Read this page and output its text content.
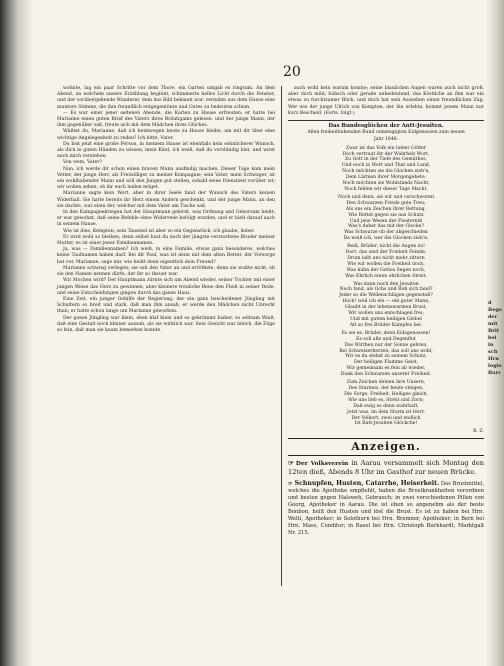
20

wohnte, lag ein paar Schritte vor dem Thore, ein Garten umgab es ringsum. An dem Abend, an welchem unsere Erzählung beginnt, schimmerte helles Licht durch die Fenster, und der vorübergehende Wanderer, dem das Bild bekannt war, vernahm aus dem Hause eine muntere Stimme, die ihm freundlich entgegentönte und Gutes zu bedeuten schien.

— Es war einer jener seltenen Abende, die Karlen zu Hause erfreuten; er hatte bei Marianne einen guten Brief des Vaters ihres Bräutigams gelesen, und der junge Mann, der ihm gegenüber saß, freute sich mit dem Mädchen ihres Glückes.

Wüßtet du, Marianne, daß ich heimwegen heute zu Hause bleibe, um mit dir über eine wichtige Angelegenheit zu reden? Ich bitte, Vater.

Du bist jetzt eine große Person, in meinem Hause ist ebenfalls kein sehnlicherer Wunsch, als dich in guten Händen zu wissen, mein Kind, ich weiß, daß du verständig bist, und wirst auch mich verstehen.

Von wem, Vater?

Nun, ich werde dir schon einen braven Mann ausfindig machen. Dieser Tage kam mein Vetter, der junge Herr, als Freiwilliger zu meiner Kompagnie; sein Vater, mein Schwager, ist ein wohlhabender Mann und will den Jungen gut stellen, sobald seine Dienstzeit vorüber ist; wir wollen sehen, ob ihr euch leiden möget.

Marianne sagte kein Wort, aber in ihrer Seele fand der Wunsch des Vaters keinen Widerhall. Sie hatte bereits ihr Herz einem Andern geschenkt, und der junge Mann, an den sie dachte, war eben der, welcher mit dem Vater am Tische saß.

In den Kampagnekriegen hat der Hauptmann gelernt, was Ordnung und Gehorsam heißt; er war gewohnt, daß seine Befehle ohne Widerrede befolgt wurden, und er hielt darauf auch in seinem Hause.

Wie ist dies, Kempten; sein Tausend ist aber so ein Gegenstück, ich glaube, lieber.

Er wird wohl so bleiben, denn selbst hast du noch der jüngste verstorbene Bruder meiner Mutter, es ist einer jener Familiennamen.

Ja, was — Familiennamen? Ich weiß, in eine Familie, etwas ganz besonderes, welches keine Taufnamen haben darf. Bei dir Paul, was ist denn mit dem alten Better, der Vorsorge bat vor, Marianne, sage mir, wie heißt denn eigentlich dein Freund?

Marianne schwieg verlegen; sie sah den Vater an und erröthete, denn sie wußte nicht, ob sie den Namen nennen dürfe, der ihr so theuer war.

Wir Mochen wird? Der Hauptmann zürnte sich um Abend wieder, seiner Tochter mit einer jungen Weise das Herz zu gewinnen, aber kleinere treuliche Reue den Fleiß in seiner Rede, und seine Entscheidungen gingen durch das ganze Haus.

Eine Zeit, ein junger Gehilfe der Regierung, der ein ganz bescheidener Jüngling mit Schultern so breit und stark, daß man ihm ansah, er werde den Mädchen nicht Unrecht thun; er hatte schon lange um Marianne geworben.

Der ganze Jüngling war klein, eben klaf klein und so gekrümmt bisher, so seltsam Weiß, daß eine Gestalt noch kleiner aussah, als sie wirklich war. Sein Gesicht war bleich, die Züge so fein, daß man sie kaum bemerken konnte.

auch wohl kein warum konnte; seine blaulichen Augen waren auch nicht groß, aber doch mild; hübsch oder gerade unbedeutend, das Köstliche an ihm war ein etwas zu furchtsamer Blick, und doch hat sein Aussehen einen freundlichen Zug. Wer wie der junge Ulrich von Kempten, der ihn erlebte, kommt jenem Mann nur kurz Bescheid. (Forts. folgt.)

Das Bundesglöcken der Antt-Jesuiten.
Allen freiheitliebenden Bund unmengigten Eidgenossen zum neuen
Jahr 1846.
Zwar ist das Volk ein lieber Götter
Doch vertraut ihr der Wahrheit Wort,
Zu Gott in der Tiefe des Gemüthes,
Und noch in Wort und That und Land,
Noch möchten sie die Glocken zieh'n,
Dem Lärmen ihrer Morgengebete,
Noch möchten sie Wohlstands Nacht,
Noch fehlen wir dieser Tage Macht.
Noch und denn, sie wir und verschworen
Den Schwarzen Friede gute Treu;
Als uns ein Zeichen ihrer Rettung,
Wie Rettet gegen sie aus Schutz
Und jene Wesen der Finsterniß
Was's daher das mit der Glocke?
Was Schwarze ob der abgeschieden
Da weiß ich, wer die Glocken zieh'n.
Reiß, Brüder, nicht die Augen zu!
Dort, das sind der Freiheit Feinde,
Drum laßt uns nicht mehr zittern
Wie wir wollen die Freiheit doch,
Was kühn der Gottes Segen noch,
Was Ehrlich einen ehrlichen Streit.
Was kann noch den Jesuiten
Noch fand, als Ochs und Roß sich fand?
Jeder so die Wellenschlägen gegenstoß?
Hoch! weil ich ein — ein guter Mann,
Glaubt in der lebenswarmen Brust,
Wir wollen uns entschlagen frei;
Und mit gutem heiligen Giebel
Alt so frei Brüder Kampfes bei.
Es sei es, Brüder, denn Eidsgenossen!
Es soll alle und Degenflut
Das Wirthen nur der Sonne gehren,
Bei Schweizerherzen, das soll uns wohl,
Wir es du stehst zu seinem Schutz,
Der heiligen Flamme Geist,
Wir gemeinsam es fein ab wieder,
Dank den Schwarzen unserer Freiheit.
Zum Zeichen deinen ihre Unsern,
Des Sturmes, der heute steigen,
Die Sorge, Freiheit, Heiliges gleich,
Wie uns lieb es, Streit und Zorn;
Daß ewig es denn wahrhaft,
Jetzt was, im dem Sturm ist Herr,
Der Volkort, zwei und endlich
Ist Ratt-Jesuiten Glöckche!
B. Z.
Anzeigen.
☞ Der Volksverein in Aarau versammelt sich Montag den 12ten dieß, Abends 8 Uhr im Gasthof zur neuen Brücke.
☞ Schnupfen, Husten, Catarrhe, Heiserkeit. Das Brustmittel, welches die Apotheke empfiehlt, haben die Brustkrankheiten verordnen und besten gegen Halsweh, Gebrauch; in zwei verschiedenen Pillen von Georg, Apotheker in Aarau. Die ist eben so angenehm als der beste Bonbon, heilt den Husten und löst die Brust. Es ist zu haben bei Hrn. Welti, Apotheker; in Solothurn bei Hrn. Bremner, Apotheker; in Bern bei Hrn. Mass, Conditor; in Basel bei Hrn. Christoph Burkhardt, Marktgaß Nr. 215.
d
Begs
der
mit
Brit
bei
in
sch
Hrn
logis
Barc
